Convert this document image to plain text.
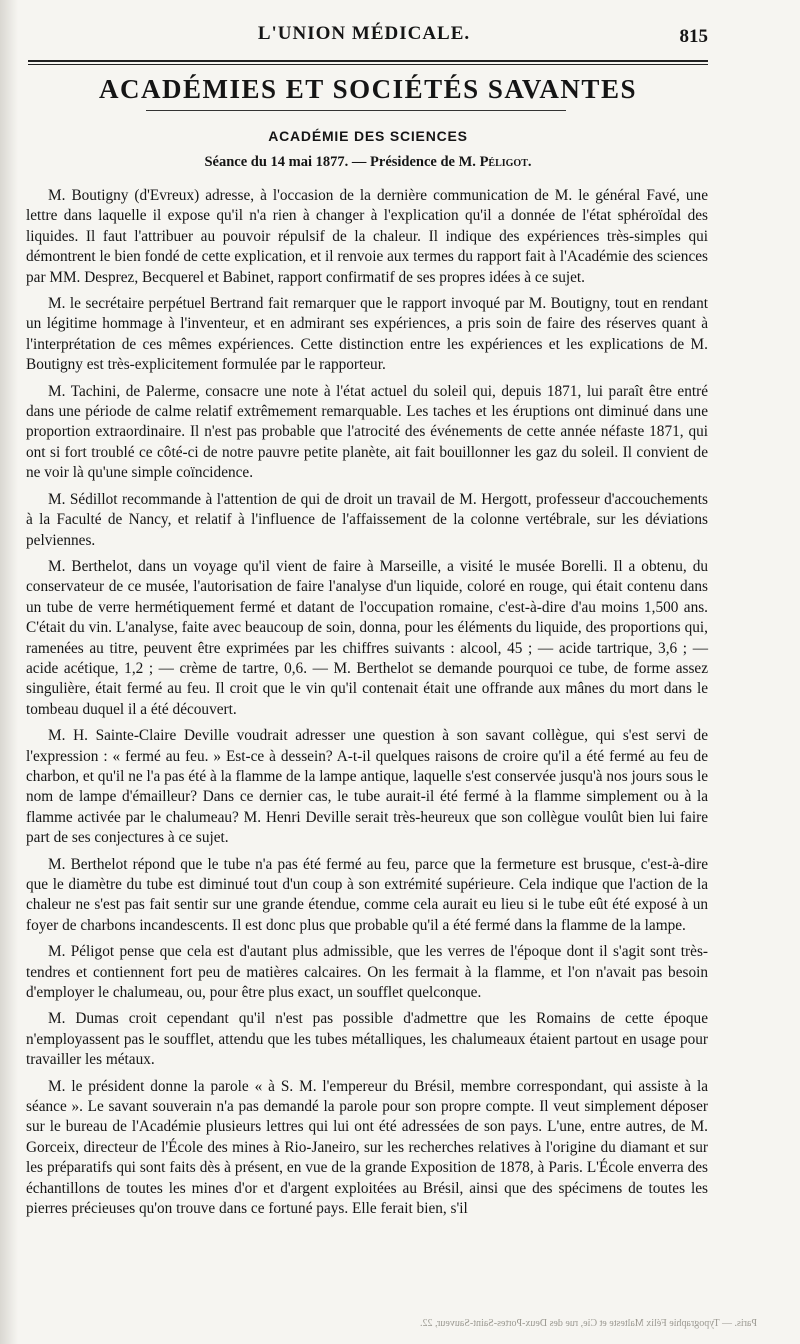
L'UNION MÉDICALE.	815
ACADÉMIES ET SOCIÉTÉS SAVANTES
ACADÉMIE DES SCIENCES
Séance du 14 mai 1877. — Présidence de M. Péligot.

M. Boutigny (d'Evreux) adresse, à l'occasion de la dernière communication de M. le général Favé, une lettre dans laquelle il expose qu'il n'a rien à changer à l'explication qu'il a donnée de l'état sphéroïdal des liquides. Il faut l'attribuer au pouvoir répulsif de la chaleur. Il indique des expériences très-simples qui démontrent le bien fondé de cette explication, et il renvoie aux termes du rapport fait à l'Académie des sciences par MM. Desprez, Becquerel et Babinet, rapport confirmatif de ses propres idées à ce sujet.

M. le secrétaire perpétuel Bertrand fait remarquer que le rapport invoqué par M. Boutigny, tout en rendant un légitime hommage à l'inventeur, et en admirant ses expériences, a pris soin de faire des réserves quant à l'interprétation de ces mêmes expériences. Cette distinction entre les expériences et les explications de M. Boutigny est très-explicitement formulée par le rapporteur.

M. Tachini, de Palerme, consacre une note à l'état actuel du soleil qui, depuis 1871, lui paraît être entré dans une période de calme relatif extrêmement remarquable. Les taches et les éruptions ont diminué dans une proportion extraordinaire. Il n'est pas probable que l'atrocité des événements de cette année néfaste 1871, qui ont si fort troublé ce côté-ci de notre pauvre petite planète, ait fait bouillonner les gaz du soleil. Il convient de ne voir là qu'une simple coïncidence.

M. Sédillot recommande à l'attention de qui de droit un travail de M. Hergott, professeur d'accouchements à la Faculté de Nancy, et relatif à l'influence de l'affaissement de la colonne vertébrale, sur les déviations pelviennes.

M. Berthelot, dans un voyage qu'il vient de faire à Marseille, a visité le musée Borelli. Il a obtenu, du conservateur de ce musée, l'autorisation de faire l'analyse d'un liquide, coloré en rouge, qui était contenu dans un tube de verre hermétiquement fermé et datant de l'occupation romaine, c'est-à-dire d'au moins 1,500 ans. C'était du vin. L'analyse, faite avec beaucoup de soin, donna, pour les éléments du liquide, des proportions qui, ramenées au titre, peuvent être exprimées par les chiffres suivants : alcool, 45 ; — acide tartrique, 3,6 ; — acide acétique, 1,2 ; — crème de tartre, 0,6. — M. Berthelot se demande pourquoi ce tube, de forme assez singulière, était fermé au feu. Il croit que le vin qu'il contenait était une offrande aux mânes du mort dans le tombeau duquel il a été découvert.

M. H. Sainte-Claire Deville voudrait adresser une question à son savant collègue, qui s'est servi de l'expression : « fermé au feu. » Est-ce à dessein? A-t-il quelques raisons de croire qu'il a été fermé au feu de charbon, et qu'il ne l'a pas été à la flamme de la lampe antique, laquelle s'est conservée jusqu'à nos jours sous le nom de lampe d'émailleur? Dans ce dernier cas, le tube aurait-il été fermé à la flamme simplement ou à la flamme activée par le chalumeau? M. Henri Deville serait très-heureux que son collègue voulût bien lui faire part de ses conjectures à ce sujet.

M. Berthelot répond que le tube n'a pas été fermé au feu, parce que la fermeture est brusque, c'est-à-dire que le diamètre du tube est diminué tout d'un coup à son extrémité supérieure. Cela indique que l'action de la chaleur ne s'est pas fait sentir sur une grande étendue, comme cela aurait eu lieu si le tube eût été exposé à un foyer de charbons incandescents. Il est donc plus que probable qu'il a été fermé dans la flamme de la lampe.

M. Péligot pense que cela est d'autant plus admissible, que les verres de l'époque dont il s'agit sont très-tendres et contiennent fort peu de matières calcaires. On les fermait à la flamme, et l'on n'avait pas besoin d'employer le chalumeau, ou, pour être plus exact, un soufflet quelconque.

M. Dumas croit cependant qu'il n'est pas possible d'admettre que les Romains de cette époque n'employassent pas le soufflet, attendu que les tubes métalliques, les chalumeaux étaient partout en usage pour travailler les métaux.

M. le président donne la parole « à S. M. l'empereur du Brésil, membre correspondant, qui assiste à la séance ». Le savant souverain n'a pas demandé la parole pour son propre compte. Il veut simplement déposer sur le bureau de l'Académie plusieurs lettres qui lui ont été adressées de son pays. L'une, entre autres, de M. Gorceix, directeur de l'École des mines à Rio-Janeiro, sur les recherches relatives à l'origine du diamant et sur les préparatifs qui sont faits dès à présent, en vue de la grande Exposition de 1878, à Paris. L'École enverra des échantillons de toutes les mines d'or et d'argent exploitées au Brésil, ainsi que des spécimens de toutes les pierres précieuses qu'on trouve dans ce fortuné pays. Elle ferait bien, s'il

Paris. — Typographie Félix Malteste et Cie, rue des Deux-Portes-Saint-Sauveur, 22.
